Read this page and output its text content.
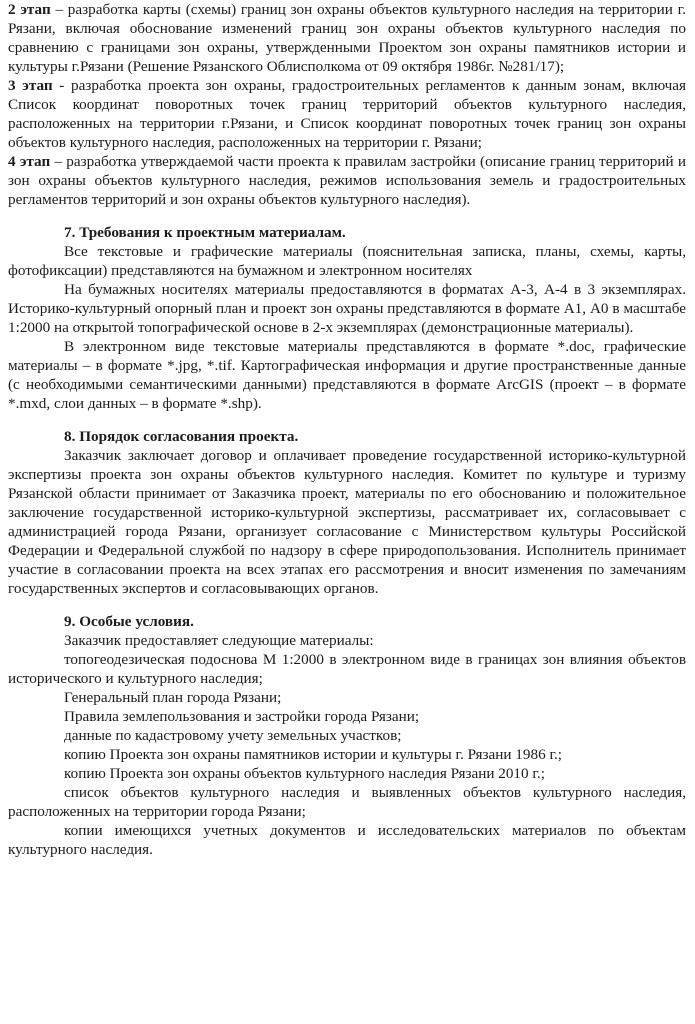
2 этап – разработка карты (схемы) границ зон охраны объектов культурного наследия на территории г. Рязани, включая обоснование изменений границ зон охраны объектов культурного наследия по сравнению с границами зон охраны, утвержденными Проектом зон охраны памятников истории и культуры г.Рязани (Решение Рязанского Облисполкома от 09 октября 1986г. №281/17);

3 этап - разработка проекта зон охраны, градостроительных регламентов к данным зонам, включая Список координат поворотных точек границ территорий объектов культурного наследия, расположенных на территории г.Рязани, и Список координат поворотных точек границ зон охраны объектов культурного наследия, расположенных на территории г. Рязани;

4 этап – разработка утверждаемой части проекта к правилам застройки (описание границ территорий и зон охраны объектов культурного наследия, режимов использования земель и градостроительных регламентов территорий и зон охраны объектов культурного наследия).

7. Требования к проектным материалам.

Все текстовые и графические материалы (пояснительная записка, планы, схемы, карты, фотофиксации) представляются на бумажном и электронном носителях

На бумажных носителях материалы предоставляются в форматах А-3, А-4 в 3 экземплярах. Историко-культурный опорный план и проект зон охраны представляются в формате А1, А0 в масштабе 1:2000 на открытой топографической основе в 2-х экземплярах (демонстрационные материалы).

В электронном виде текстовые материалы представляются в формате *.doc, графические материалы – в формате *.jpg, *.tif. Картографическая информация и другие пространственные данные (с необходимыми семантическими данными) представляются в формате ArcGIS (проект – в формате *.mxd, слои данных – в формате *.shp).

8. Порядок согласования проекта.

Заказчик заключает договор и оплачивает проведение государственной историко-культурной экспертизы проекта зон охраны объектов культурного наследия. Комитет по культуре и туризму Рязанской области принимает от Заказчика проект, материалы по его обоснованию и положительное заключение государственной историко-культурной экспертизы, рассматривает их, согласовывает с администрацией города Рязани, организует согласование с Министерством культуры Российской Федерации и Федеральной службой по надзору в сфере природопользования. Исполнитель принимает участие в согласовании проекта на всех этапах его рассмотрения и вносит изменения по замечаниям государственных экспертов и согласовывающих органов.

9. Особые условия.

Заказчик предоставляет следующие материалы:

топогеодезическая подоснова М 1:2000 в электронном виде в границах зон влияния объектов исторического и культурного наследия;

Генеральный план города Рязани;

Правила землепользования и застройки города Рязани;

данные по кадастровому учету земельных участков;

копию Проекта зон охраны памятников истории и культуры г. Рязани 1986 г.;

копию Проекта зон охраны объектов культурного наследия Рязани 2010 г.;

список объектов культурного наследия и выявленных объектов культурного наследия, расположенных на территории города Рязани;

копии имеющихся учетных документов и исследовательских материалов по объектам культурного наследия.
